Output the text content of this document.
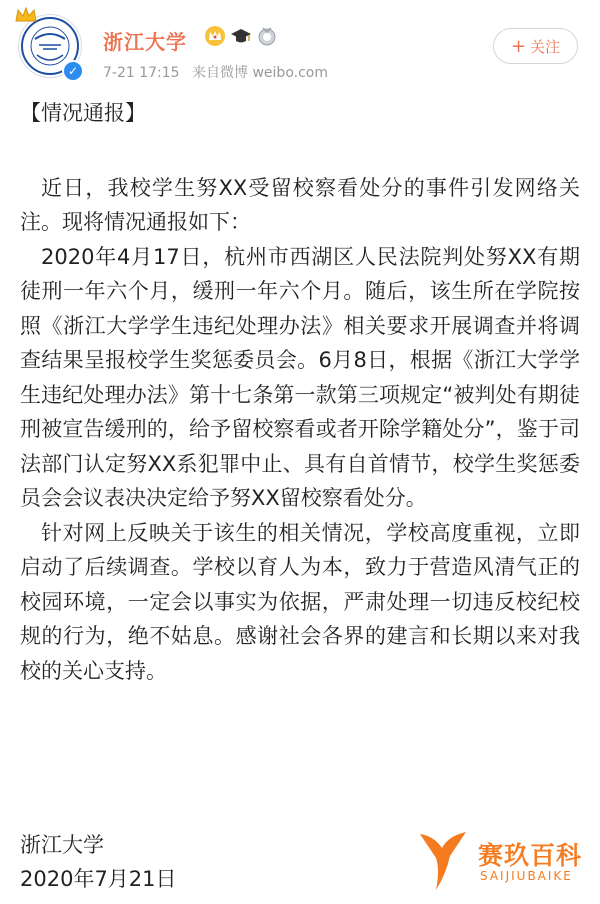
✓
浙江大学
7-21 17:15 来自微博 weibo.com
+ 关注

【情况通报】

近日，我校学生努XX受留校察看处分的事件引发网络关注。现将情况通报如下：

2020年4月17日，杭州市西湖区人民法院判处努XX有期徒刑一年六个月，缓刑一年六个月。随后，该生所在学院按照《浙江大学学生违纪处理办法》相关要求开展调查并将调查结果呈报校学生奖惩委员会。6月8日，根据《浙江大学学生违纪处理办法》第十七条第一款第三项规定“被判处有期徒刑被宣告缓刑的，给予留校察看或者开除学籍处分”，鉴于司法部门认定努XX系犯罪中止、具有自首情节，校学生奖惩委员会会议表决决定给予努XX留校察看处分。

针对网上反映关于该生的相关情况，学校高度重视，立即启动了后续调查。学校以育人为本，致力于营造风清气正的校园环境，一定会以事实为依据，严肃处理一切违反校纪校规的行为，绝不姑息。感谢社会各界的建言和长期以来对我校的关心支持。

浙江大学
2020年7月21日
赛玖百科
SAIJIUBAIKE
